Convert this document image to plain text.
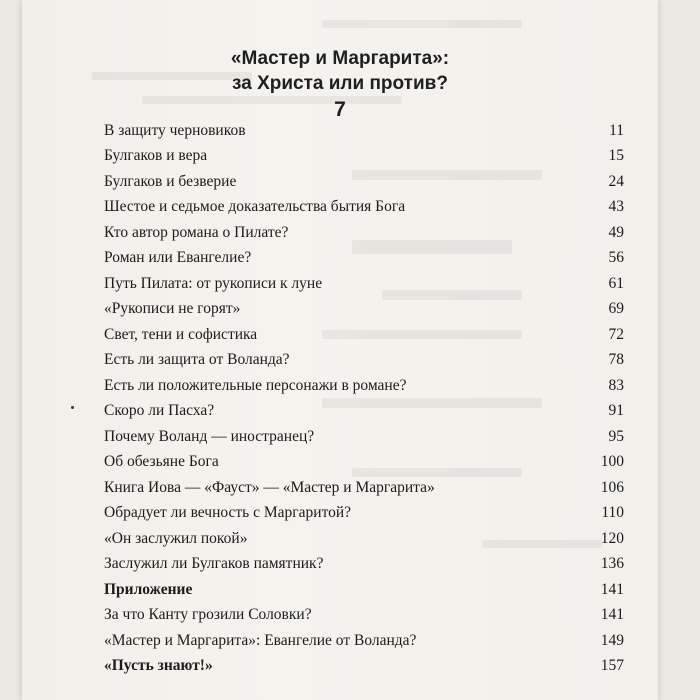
«Мастер и Маргарита»:
за Христа или против?
7
В защиту черновиков	11
Булгаков и вера	15
Булгаков и безверие	24
Шестое и седьмое доказательства бытия Бога	43
Кто автор романа о Пилате?	49
Роман или Евангелие?	56
Путь Пилата: от рукописи к луне	61
«Рукописи не горят»	69
Свет, тени и софистика	72
Есть ли защита от Воланда?	78
Есть ли положительные персонажи в романе?	83
Скоро ли Пасха?	91
Почему Воланд — иностранец?	95
Об обезьяне Бога	100
Книга Иова — «Фауст» — «Мастер и Маргарита»	106
Обрадует ли вечность с Маргаритой?	110
«Он заслужил покой»	120
Заслужил ли Булгаков памятник?	136
Приложение	141
За что Канту грозили Соловки?	141
«Мастер и Маргарита»: Евангелие от Воланда?	149
«Пусть знают!»	157
